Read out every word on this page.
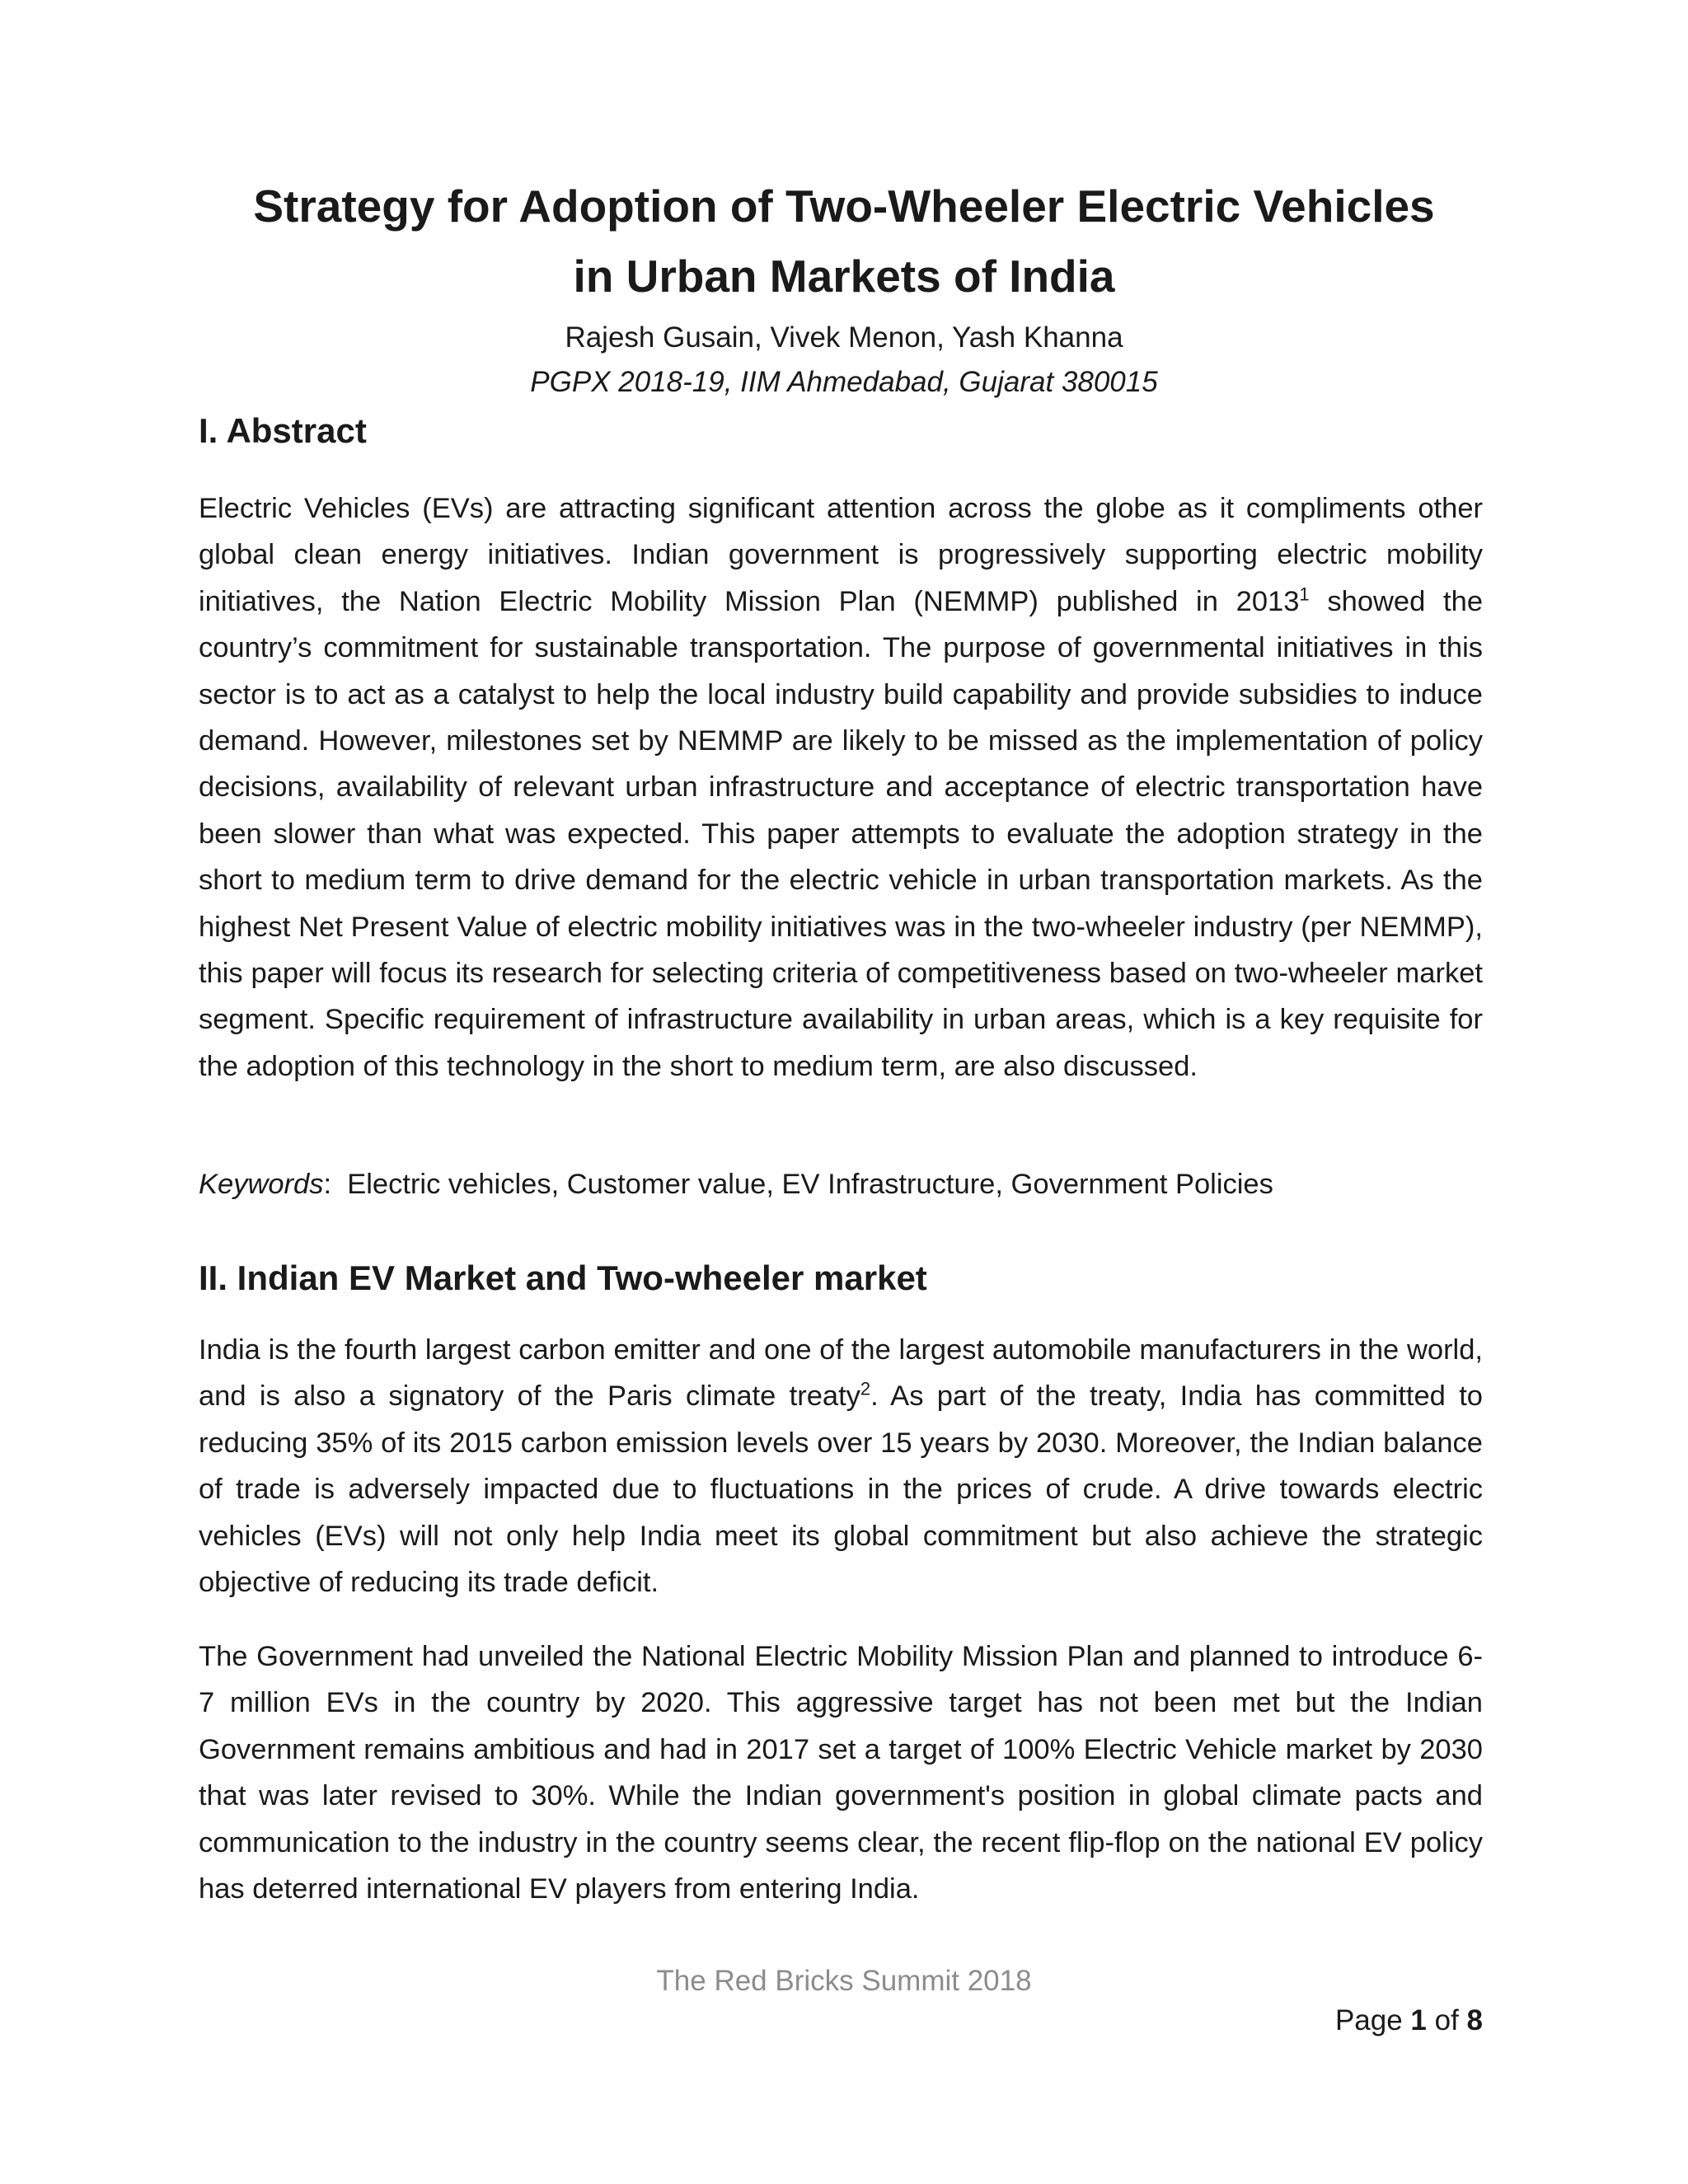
Strategy for Adoption of Two-Wheeler Electric Vehicles
in Urban Markets of India
Rajesh Gusain, Vivek Menon, Yash Khanna
PGPX 2018-19, IIM Ahmedabad, Gujarat 380015
I. Abstract

Electric Vehicles (EVs) are attracting significant attention across the globe as it compliments other global clean energy initiatives. Indian government is progressively supporting electric mobility initiatives, the Nation Electric Mobility Mission Plan (NEMMP) published in 2013$^1$ showed the country’s commitment for sustainable transportation. The purpose of governmental initiatives in this sector is to act as a catalyst to help the local industry build capability and provide subsidies to induce demand. However, milestones set by NEMMP are likely to be missed as the implementation of policy decisions, availability of relevant urban infrastructure and acceptance of electric transportation have been slower than what was expected. This paper attempts to evaluate the adoption strategy in the short to medium term to drive demand for the electric vehicle in urban transportation markets. As the highest Net Present Value of electric mobility initiatives was in the two-wheeler industry (per NEMMP), this paper will focus its research for selecting criteria of competitiveness based on two-wheeler market segment. Specific requirement of infrastructure availability in urban areas, which is a key requisite for the adoption of this technology in the short to medium term, are also discussed.

Keywords:  Electric vehicles, Customer value, EV Infrastructure, Government Policies
II. Indian EV Market and Two-wheeler market

India is the fourth largest carbon emitter and one of the largest automobile manufacturers in the world, and is also a signatory of the Paris climate treaty$^2$. As part of the treaty, India has committed to reducing 35% of its 2015 carbon emission levels over 15 years by 2030. Moreover, the Indian balance of trade is adversely impacted due to fluctuations in the prices of crude. A drive towards electric vehicles (EVs) will not only help India meet its global commitment but also achieve the strategic objective of reducing its trade deficit.

The Government had unveiled the National Electric Mobility Mission Plan and planned to introduce 6-7 million EVs in the country by 2020. This aggressive target has not been met but the Indian Government remains ambitious and had in 2017 set a target of 100% Electric Vehicle market by 2030 that was later revised to 30%. While the Indian government's position in global climate pacts and communication to the industry in the country seems clear, the recent flip-flop on the national EV policy has deterred international EV players from entering India.

The Red Bricks Summit 2018
Page 1 of 8
